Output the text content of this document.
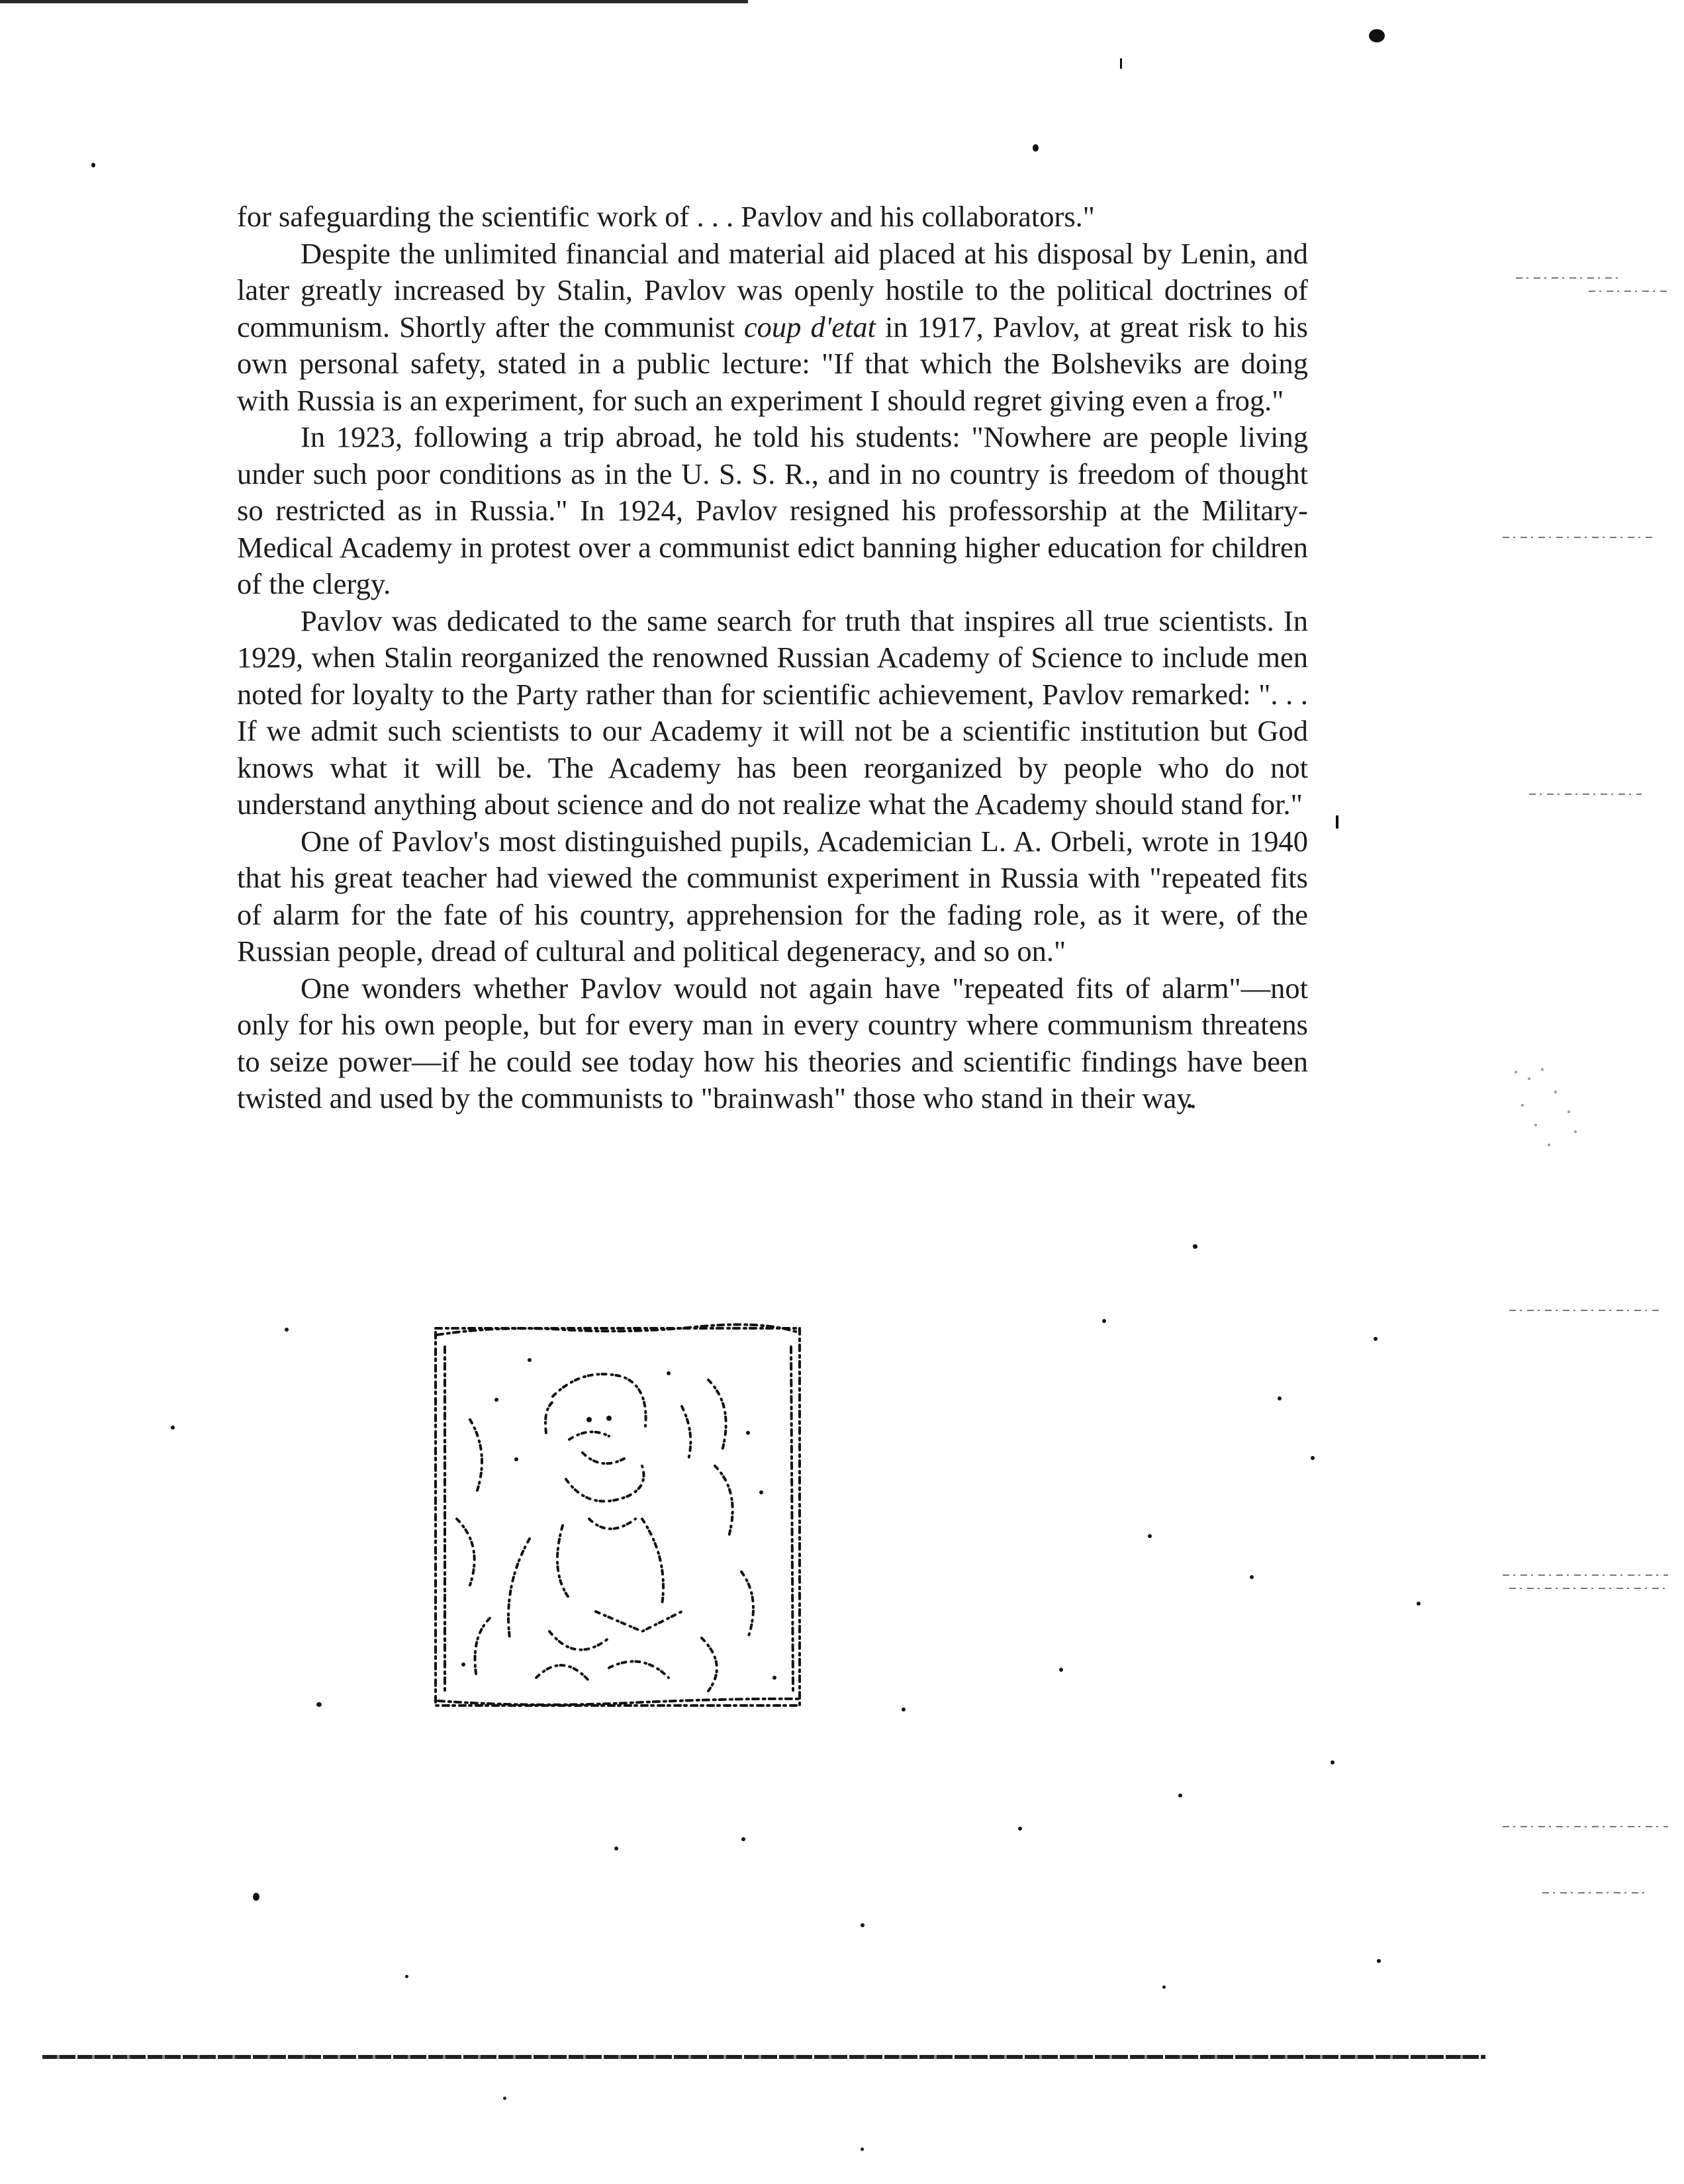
for safeguarding the scientific work of . . . Pavlov and his collaborators."

Despite the unlimited financial and material aid placed at his disposal by Lenin, and later greatly increased by Stalin, Pavlov was openly hostile to the political doctrines of communism. Shortly after the communist coup d'etat in 1917, Pavlov, at great risk to his own personal safety, stated in a public lecture: "If that which the Bolsheviks are doing with Russia is an experiment, for such an experiment I should regret giving even a frog."

In 1923, following a trip abroad, he told his students: "Nowhere are people living under such poor conditions as in the U. S. S. R., and in no country is freedom of thought so restricted as in Russia." In 1924, Pavlov resigned his professorship at the Military-Medical Academy in protest over a communist edict banning higher education for children of the clergy.

Pavlov was dedicated to the same search for truth that inspires all true scientists. In 1929, when Stalin reorganized the renowned Russian Academy of Science to include men noted for loyalty to the Party rather than for scientific achievement, Pavlov remarked: ". . . If we admit such scientists to our Academy it will not be a scientific institution but God knows what it will be. The Academy has been reorganized by people who do not understand anything about science and do not realize what the Academy should stand for."

One of Pavlov's most distinguished pupils, Academician L. A. Orbeli, wrote in 1940 that his great teacher had viewed the communist experiment in Russia with "repeated fits of alarm for the fate of his country, apprehension for the fading role, as it were, of the Russian people, dread of cultural and political degeneracy, and so on."

One wonders whether Pavlov would not again have "repeated fits of alarm"—not only for his own people, but for every man in every country where communism threatens to seize power—if he could see today how his theories and scientific findings have been twisted and used by the communists to "brainwash" those who stand in their way.
